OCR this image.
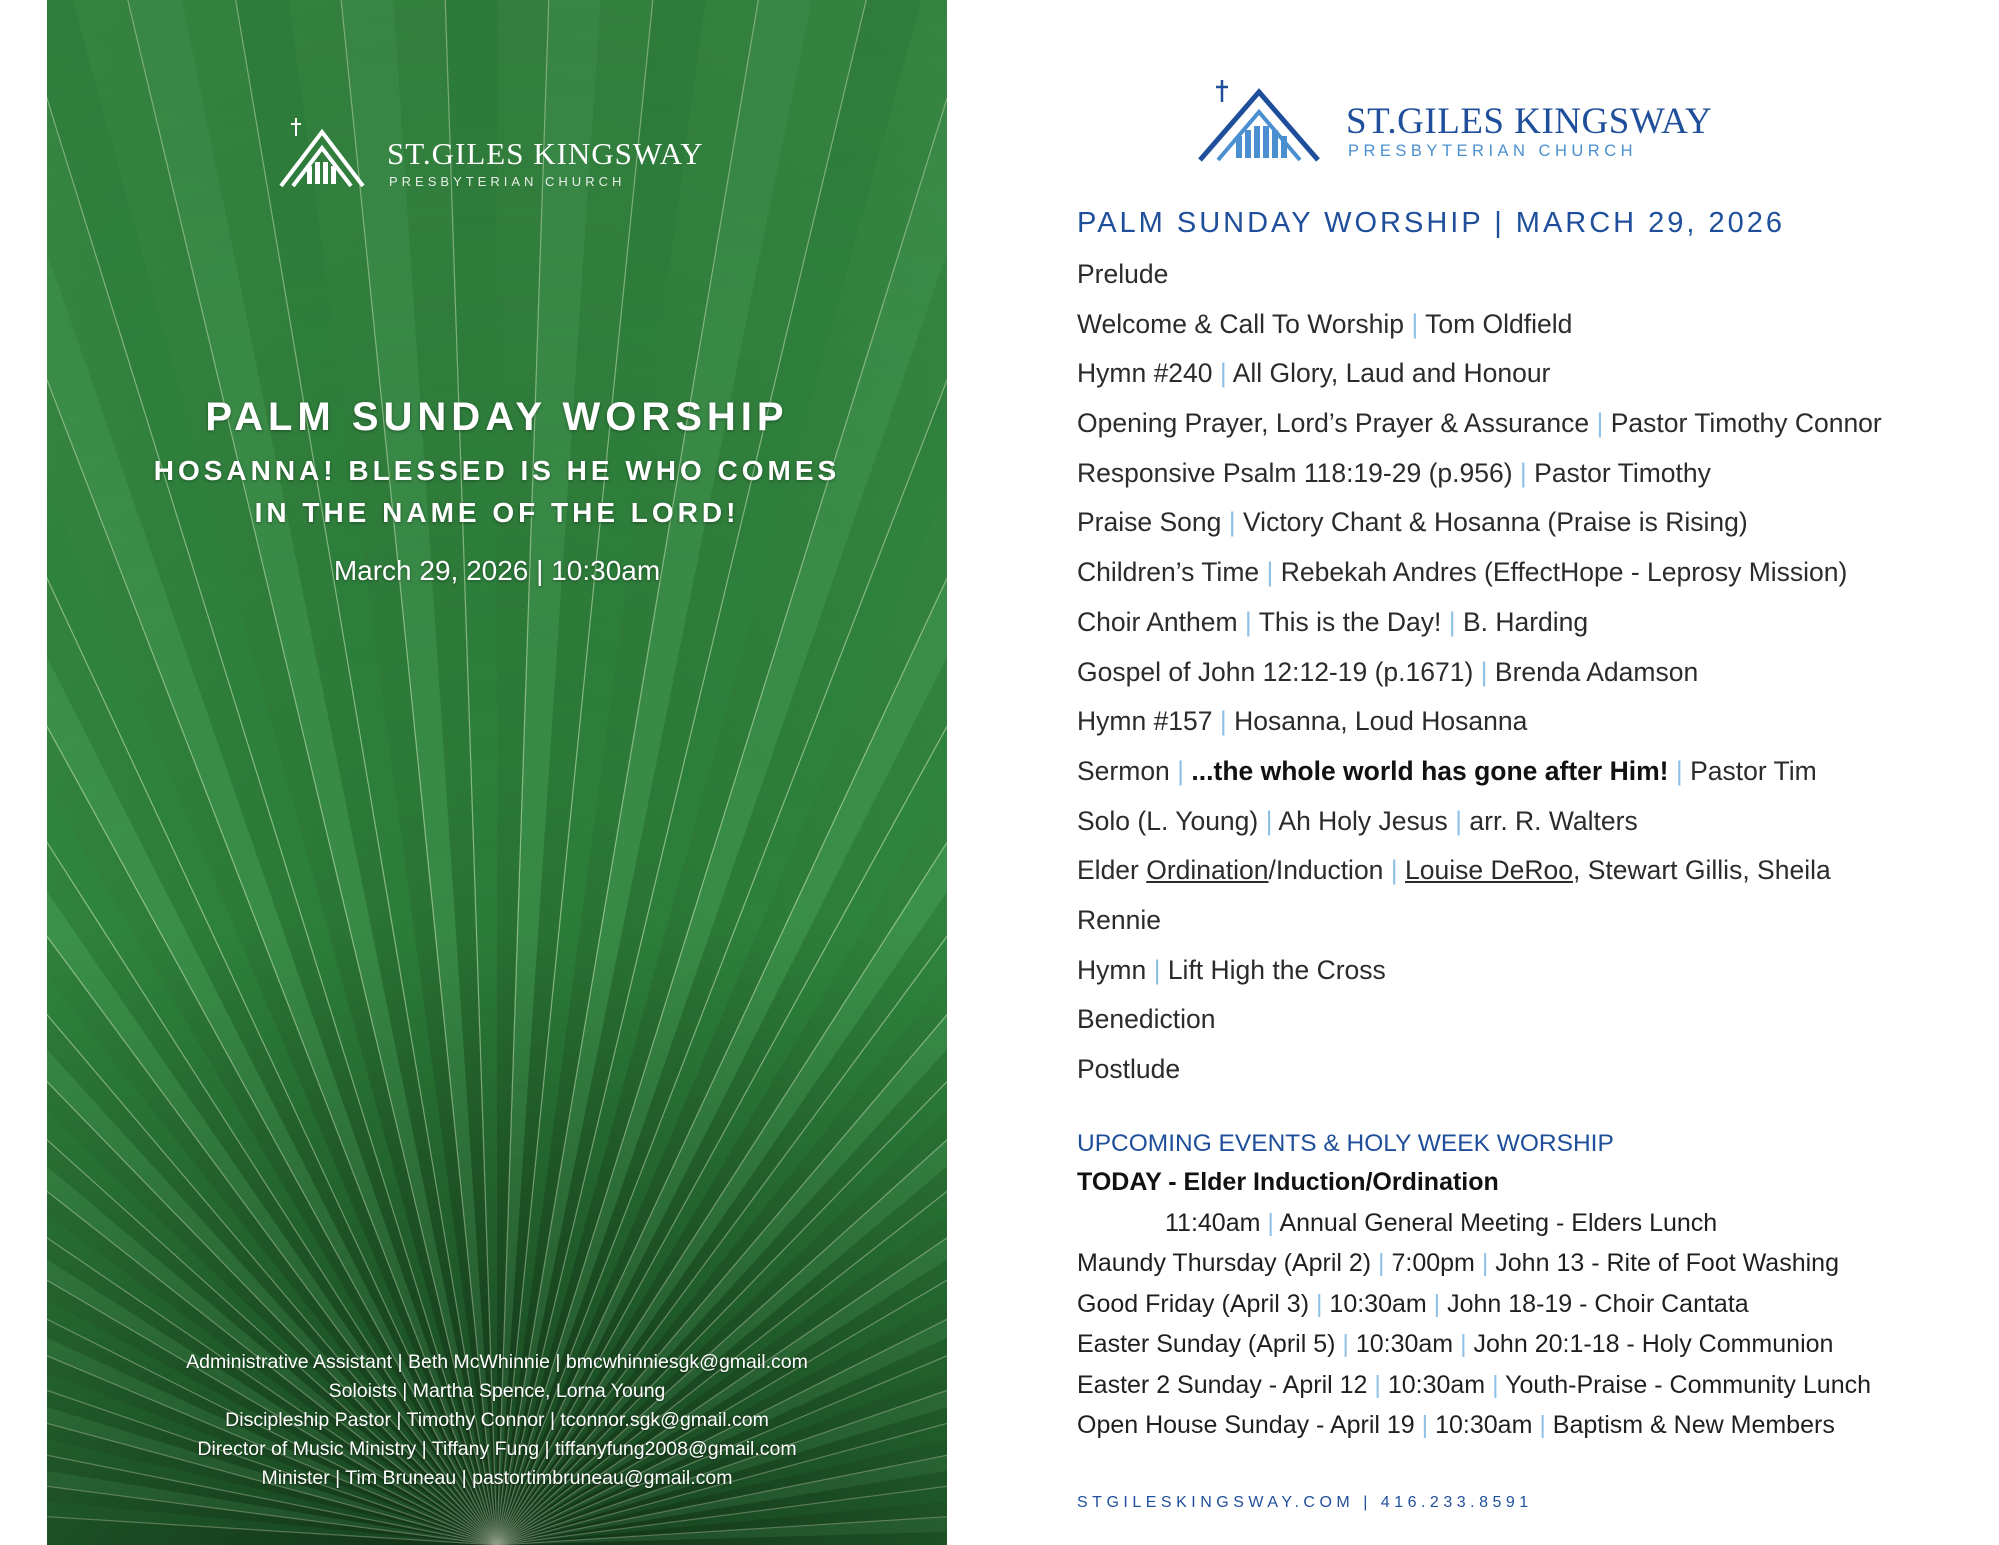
ST.GILES KINGSWAY
PRESBYTERIAN CHURCH
PALM SUNDAY WORSHIP
HOSANNA! BLESSED IS HE WHO COMES
IN THE NAME OF THE LORD!
March 29, 2026 | 10:30am
Administrative Assistant | Beth McWhinnie | bmcwhinniesgk@gmail.com
Soloists | Martha Spence, Lorna Young
Discipleship Pastor | Timothy Connor | tconnor.sgk@gmail.com
Director of Music Ministry | Tiffany Fung | tiffanyfung2008@gmail.com
Minister | Tim Bruneau | pastortimbruneau@gmail.com
ST.GILES KINGSWAY
PRESBYTERIAN CHURCH
PALM SUNDAY WORSHIP | MARCH 29, 2026
Prelude
Welcome & Call To Worship | Tom Oldfield
Hymn #240 | All Glory, Laud and Honour
Opening Prayer, Lord’s Prayer & Assurance | Pastor Timothy Connor
Responsive Psalm 118:19-29 (p.956) | Pastor Timothy
Praise Song | Victory Chant & Hosanna (Praise is Rising)
Children’s Time | Rebekah Andres (EffectHope - Leprosy Mission)
Choir Anthem | This is the Day! | B. Harding
Gospel of John 12:12-19 (p.1671) | Brenda Adamson
Hymn #157 | Hosanna, Loud Hosanna
Sermon | ...the whole world has gone after Him! | Pastor Tim
Solo (L. Young) | Ah Holy Jesus | arr. R. Walters
Elder Ordination/Induction | Louise DeRoo, Stewart Gillis, Sheila
Rennie
Hymn | Lift High the Cross
Benediction
Postlude
UPCOMING EVENTS & HOLY WEEK WORSHIP
TODAY - Elder Induction/Ordination
11:40am | Annual General Meeting - Elders Lunch
Maundy Thursday (April 2) | 7:00pm | John 13 - Rite of Foot Washing
Good Friday (April 3) | 10:30am | John 18-19 - Choir Cantata
Easter Sunday (April 5) | 10:30am | John 20:1-18 - Holy Communion
Easter 2 Sunday - April 12 | 10:30am | Youth-Praise - Community Lunch
Open House Sunday - April 19 | 10:30am | Baptism & New Members
STGILESKINGSWAY.COM | 416.233.8591
